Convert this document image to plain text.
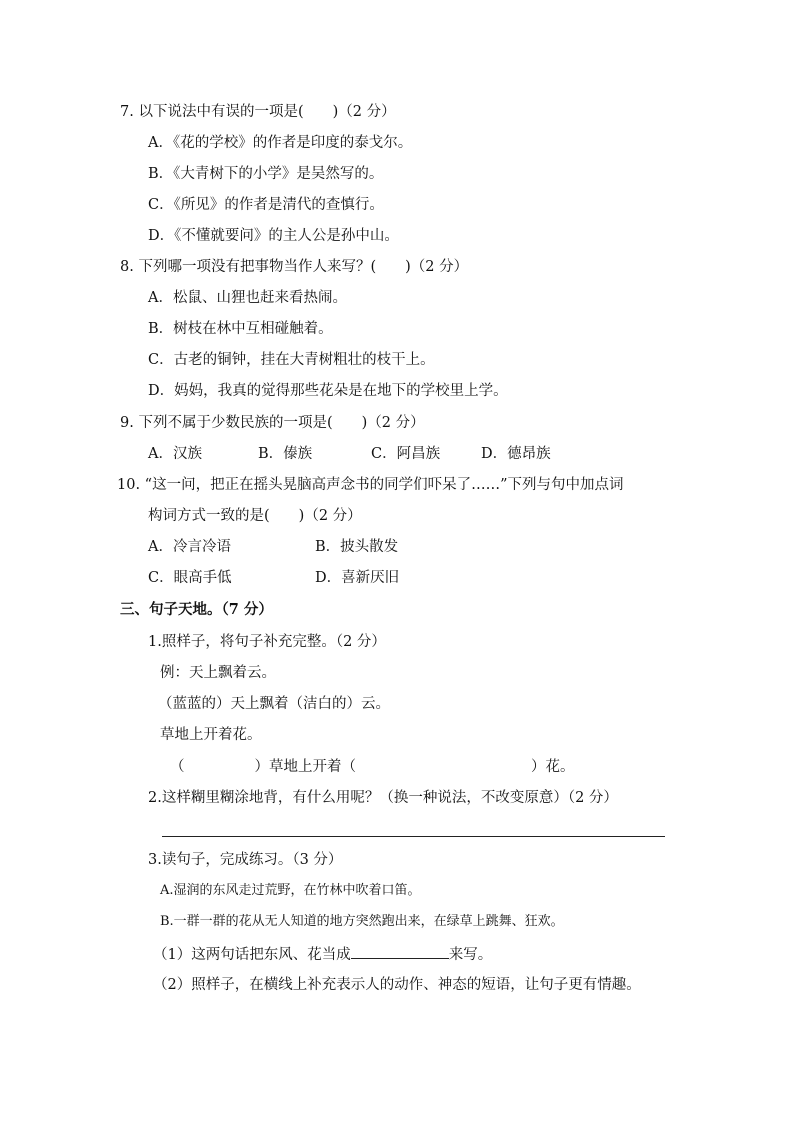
7. 以下说法中有误的一项是(　　)（2 分）
A．《花的学校》的作者是印度的泰戈尔。
B．《大青树下的小学》是吴然写的。
C．《所见》的作者是清代的查慎行。
D．《不懂就要问》的主人公是孙中山。
8. 下列哪一项没有把事物当作人来写？(　　)（2 分）
A．松鼠、山狸也赶来看热闹。
B．树枝在林中互相碰触着。
C．古老的铜钟，挂在大青树粗壮的枝干上。
D．妈妈，我真的觉得那些花朵是在地下的学校里上学。
9. 下列不属于少数民族的一项是(　　)（2 分）
A．汉族	B．傣族	C．阿昌族	D．德昂族
10. “这一问，把正在摇头晃脑高声念书的同学们吓呆了……”下列与句中加点词
构词方式一致的是(　　)（2 分）
A．冷言冷语	B．披头散发
C．眼高手低	D．喜新厌旧
三、句子天地。（7 分）
1.照样子，将句子补充完整。（2 分）
例：天上飘着云。
（蓝蓝的）天上飘着（洁白的）云。
草地上开着花。
（	）草地上开着（	）花。
2.这样糊里糊涂地背，有什么用呢？（换一种说法，不改变原意）（2 分）
3.读句子，完成练习。（3 分）
A.湿润的东风走过荒野，在竹林中吹着口笛。
B.一群一群的花从无人知道的地方突然跑出来，在绿草上跳舞、狂欢。
（1）这两句话把东风、花当成	来写。
（2）照样子，在横线上补充表示人的动作、神态的短语，让句子更有情趣。
